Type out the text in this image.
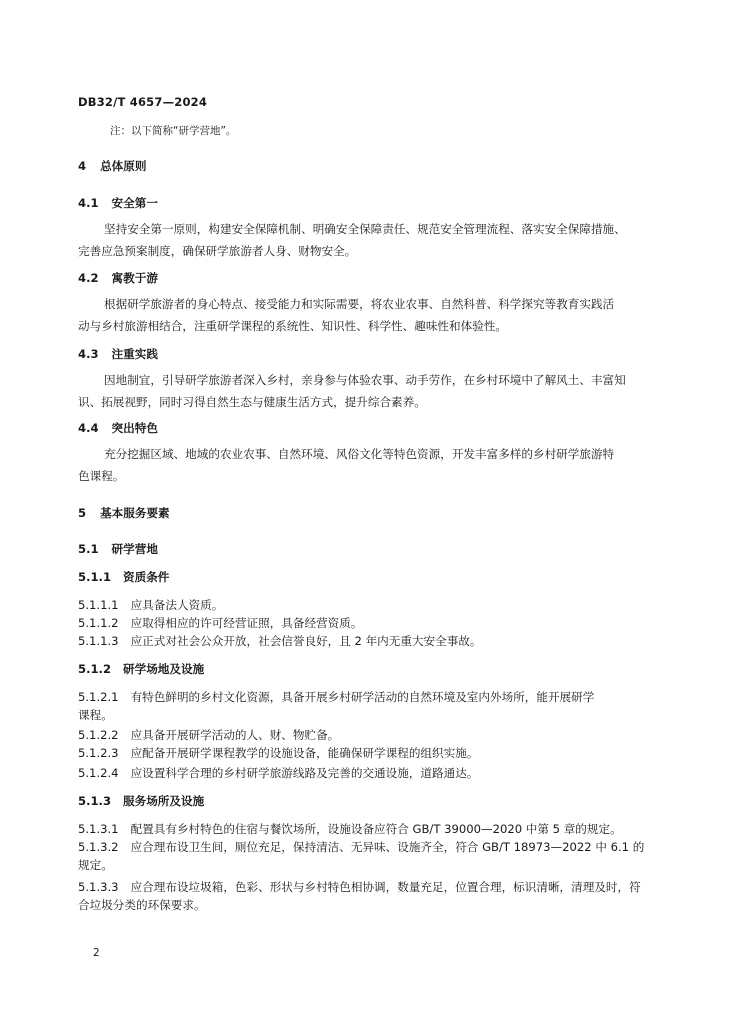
DB32/T 4657—2024
注：以下简称“研学营地”。
4 总体原则
4.1 安全第一
坚持安全第一原则，构建安全保障机制、明确安全保障责任、规范安全管理流程、落实安全保障措施、
完善应急预案制度，确保研学旅游者人身、财物安全。
4.2 寓教于游
根据研学旅游者的身心特点、接受能力和实际需要，将农业农事、自然科普、科学探究等教育实践活
动与乡村旅游相结合，注重研学课程的系统性、知识性、科学性、趣味性和体验性。
4.3 注重实践
因地制宜，引导研学旅游者深入乡村，亲身参与体验农事、动手劳作，在乡村环境中了解风土、丰富知
识、拓展视野，同时习得自然生态与健康生活方式，提升综合素养。
4.4 突出特色
充分挖掘区域、地域的农业农事、自然环境、风俗文化等特色资源，开发丰富多样的乡村研学旅游特
色课程。
5 基本服务要素
5.1 研学营地
5.1.1 资质条件
5.1.1.1 应具备法人资质。
5.1.1.2 应取得相应的许可经营证照，具备经营资质。
5.1.1.3 应正式对社会公众开放，社会信誉良好，且 2 年内无重大安全事故。
5.1.2 研学场地及设施
5.1.2.1 有特色鲜明的乡村文化资源，具备开展乡村研学活动的自然环境及室内外场所，能开展研学
课程。
5.1.2.2 应具备开展研学活动的人、财、物贮备。
5.1.2.3 应配备开展研学课程教学的设施设备，能确保研学课程的组织实施。
5.1.2.4 应设置科学合理的乡村研学旅游线路及完善的交通设施，道路通达。
5.1.3 服务场所及设施
5.1.3.1 配置具有乡村特色的住宿与餐饮场所，设施设备应符合 GB/T 39000—2020 中第 5 章的规定。
5.1.3.2 应合理布设卫生间，厕位充足，保持清洁、无异味、设施齐全，符合 GB/T 18973—2022 中 6.1 的
规定。
5.1.3.3 应合理布设垃圾箱，色彩、形状与乡村特色相协调，数量充足，位置合理，标识清晰，清理及时，符
合垃圾分类的环保要求。
2
